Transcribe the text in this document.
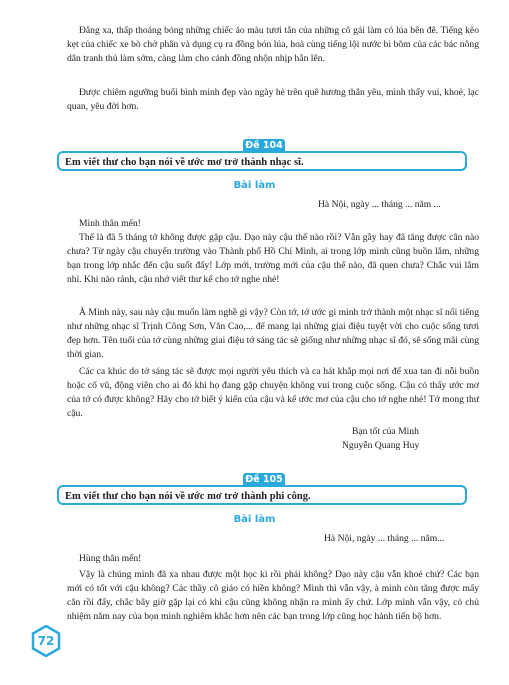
Đằng xa, thấp thoáng bóng những chiếc áo màu tươi tắn của những cô gái làm cỏ lúa bên đê. Tiếng kẽo kẹt của chiếc xe bò chở phân và dụng cụ ra đồng bón lúa, hoà cùng tiếng lội nước bì bõm của các bác nông dân tranh thủ làm sớm, càng làm cho cánh đồng nhộn nhịp hẳn lên.

Được chiêm ngưỡng buổi bình minh đẹp vào ngày hè trên quê hương thân yêu, mình thấy vui, khoẻ, lạc quan, yêu đời hơn.

Đề 104
Em viết thư cho bạn nói về ước mơ trở thành nhạc sĩ.
Bài làm
Hà Nội, ngày ... tháng ... năm ...
Minh thân mến!

Thế là đã 5 tháng tớ không được gặp cậu. Dạo này cậu thế nào rồi? Vẫn gầy hay đã tăng được cân nào chưa? Từ ngày cậu chuyển trường vào Thành phố Hồ Chí Minh, ai trong lớp mình cũng buồn lắm, những bạn trong lớp nhắc đến cậu suốt đấy! Lớp mới, trường mới của cậu thế nào, đã quen chưa? Chắc vui lắm nhỉ. Khi nào rảnh, cậu nhớ viết thư kể cho tớ nghe nhé!

À Minh này, sau này cậu muốn làm nghề gì vậy? Còn tớ, tớ ước gì mình trở thành một nhạc sĩ nổi tiếng như những nhạc sĩ Trịnh Công Sơn, Văn Cao,... để mang lại những giai điệu tuyệt vời cho cuộc sống tươi đẹp hơn. Tên tuổi của tớ cùng những giai điệu tớ sáng tác sẽ giống như những nhạc sĩ đó, sẽ sống mãi cùng thời gian.

Các ca khúc do tớ sáng tác sẽ được mọi người yêu thích và ca hát khắp mọi nơi để xua tan đi nỗi buồn hoặc cổ vũ, động viên cho ai đó khi họ đang gặp chuyện không vui trong cuộc sống. Cậu có thấy ước mơ của tớ có được không? Hãy cho tớ biết ý kiến của cậu và kể ước mơ của cậu cho tớ nghe nhé! Tớ mong thư cậu.

Bạn tốt của Minh
Nguyễn Quang Huy
Đề 105
Em viết thư cho bạn nói về ước mơ trở thành phi công.
Bài làm
Hà Nội, ngày ... tháng ... năm...
Hùng thân mến!

Vậy là chúng mình đã xa nhau được một học kì rồi phải không? Dạo này cậu vẫn khoẻ chứ? Các bạn mới có tốt với cậu không? Các thầy cô giáo có hiền không? Mình thì vẫn vậy, à mình còn tăng được mấy cân rồi đấy, chắc bây giờ gặp lại có khi cậu cũng không nhận ra mình ấy chứ. Lớp mình vẫn vậy, có chủ nhiệm năm nay của bọn mình nghiêm khắc hơn nên các bạn trong lớp cũng học hành tiến bộ hơn.

72
